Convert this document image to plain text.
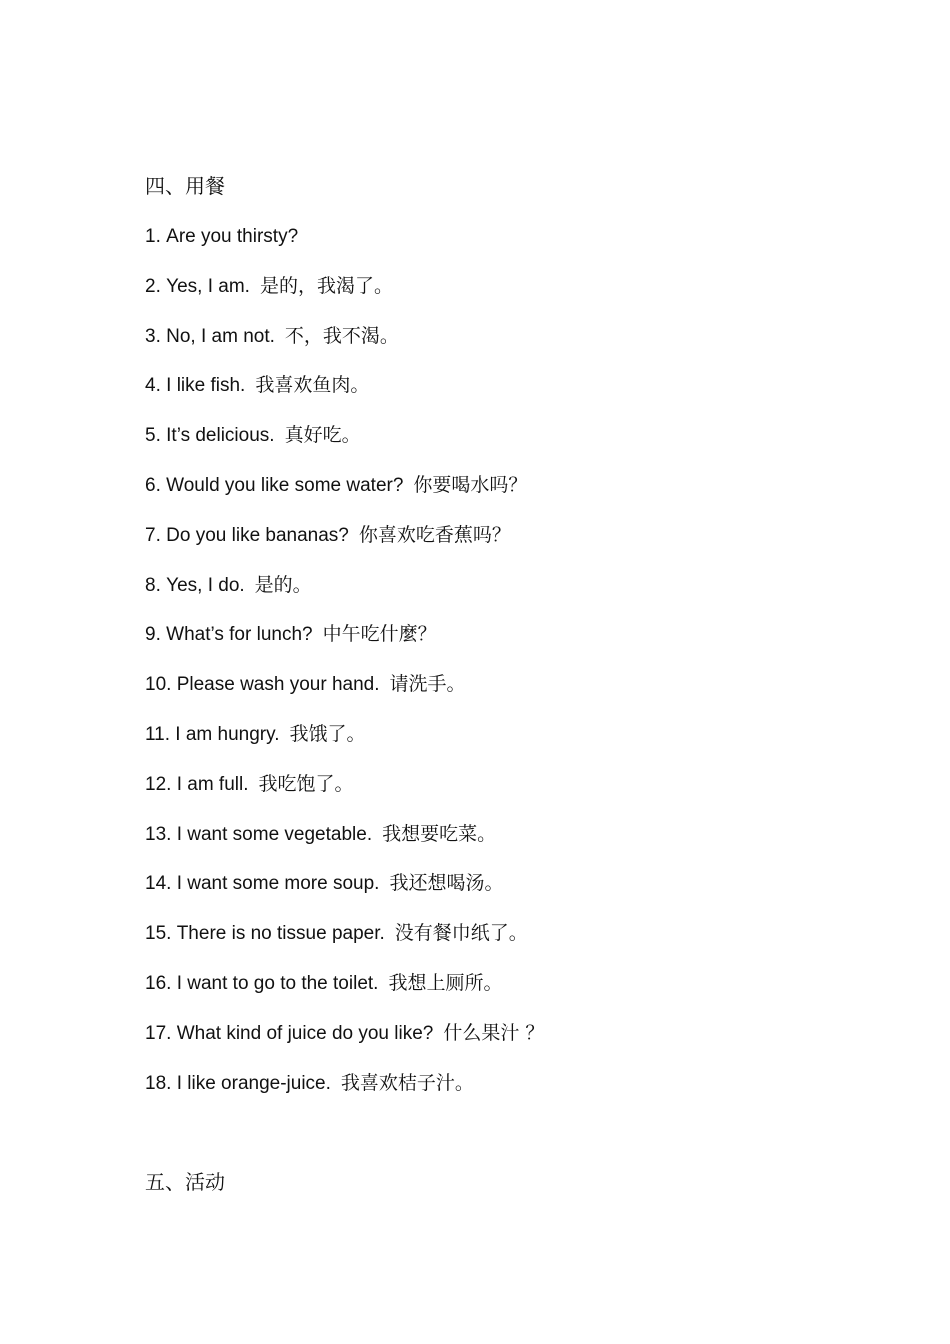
四、用餐
1. Are you thirsty?
2. Yes, I am. 是的，我渴了。
3. No, I am not. 不，我不渴。
4. I like fish. 我喜欢鱼肉。
5. It’s delicious. 真好吃。
6. Would you like some water? 你要喝水吗？
7. Do you like bananas? 你喜欢吃香蕉吗？
8. Yes, I do. 是的。
9. What’s for lunch? 中午吃什麼？
10. Please wash your hand. 请洗手。
11. I am hungry. 我饿了。
12. I am full. 我吃饱了。
13. I want some vegetable. 我想要吃菜。
14. I want some more soup. 我还想喝汤。
15. There is no tissue paper. 没有餐巾纸了。
16. I want to go to the toilet. 我想上厕所。
17. What kind of juice do you like? 什么果汁 ？
18. I like orange-juice. 我喜欢桔子汁。
五、活动
